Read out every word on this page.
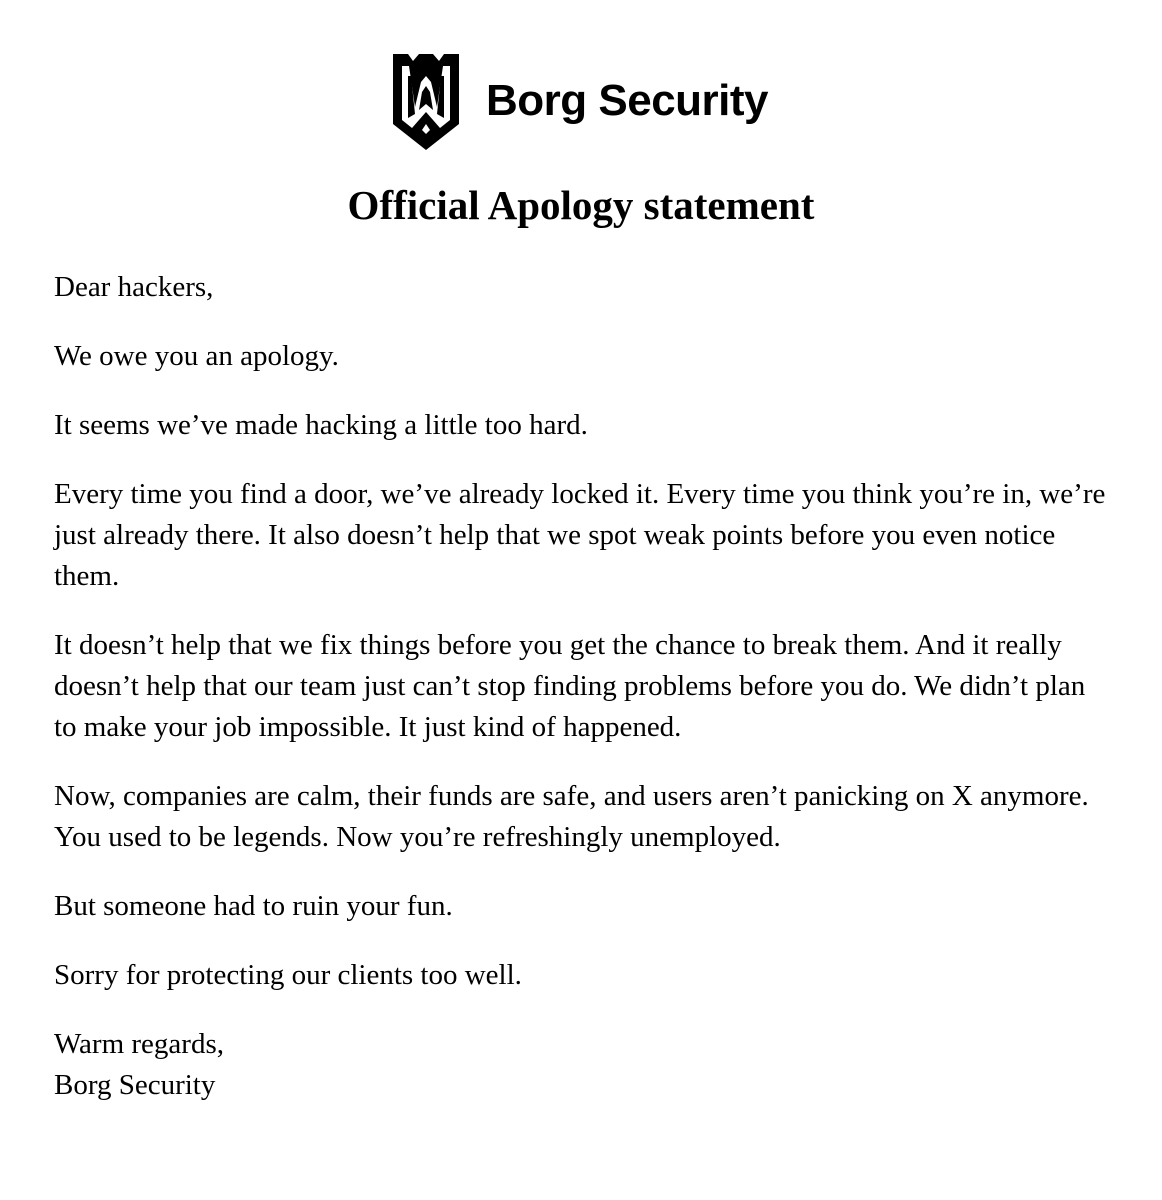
Borg Security
Official Apology statement

Dear hackers,

We owe you an apology.

It seems we’ve made hacking a little too hard.

Every time you find a door, we’ve already locked it. Every time you think you’re in, we’re just already there. It also doesn’t help that we spot weak points before you even notice them.

It doesn’t help that we fix things before you get the chance to break them. And it really doesn’t help that our team just can’t stop finding problems before you do. We didn’t plan to make your job impossible. It just kind of happened.

Now, companies are calm, their funds are safe, and users aren’t panicking on X anymore. You used to be legends. Now you’re refreshingly unemployed.

But someone had to ruin your fun.

Sorry for protecting our clients too well.

Warm regards,
Borg Security
